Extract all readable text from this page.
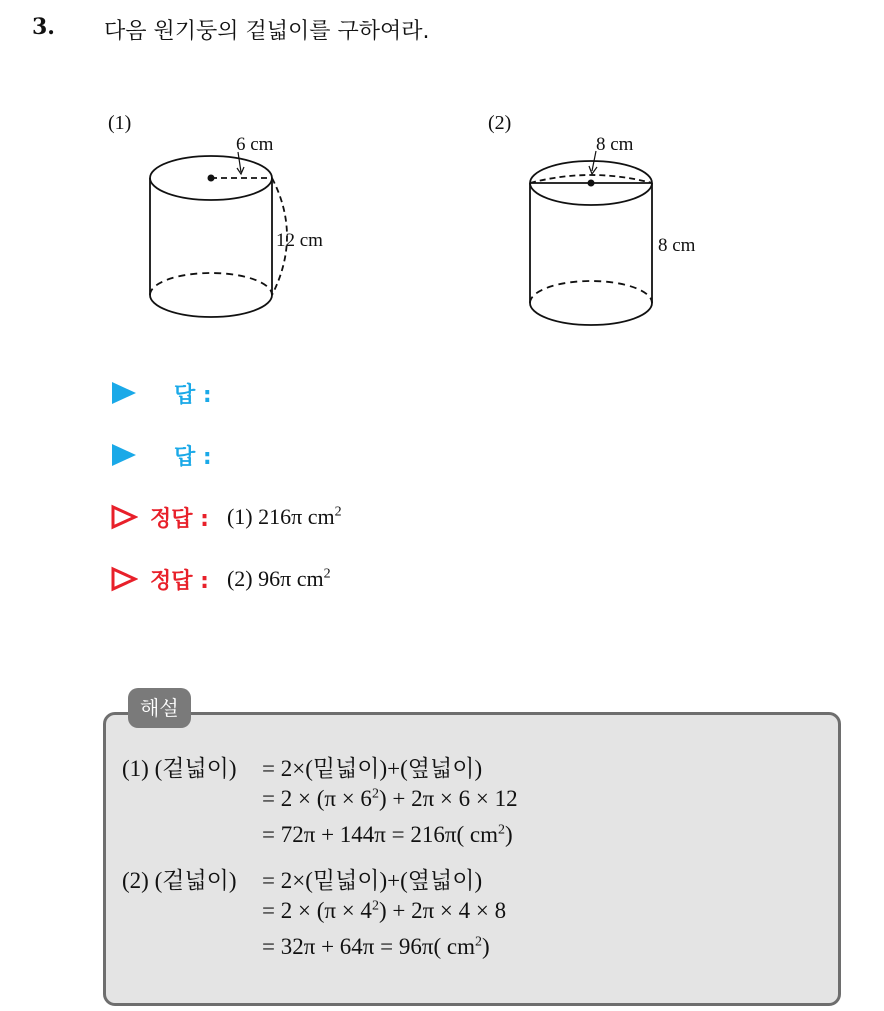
3. 다음 원기둥의 겉넓이를 구하여라.
(1)
6 cm
12 cm
(2)
8 cm
8 cm
답 :
답 :
정답 : (1) 216π $cm^2$
정답 : (2) 96π $cm^2$
해설
(1) (겉넓이) = 2×(밑넓이)+(옆넓이)
= $2 \times (\pi \times 6^2) + 2\pi \times 6 \times 12$
= 72π + 144π = 216π( $cm^2$)
(2) (겉넓이) = 2×(밑넓이)+(옆넓이)
= $2 \times (\pi \times 4^2) + 2\pi \times 4 \times 8$
= 32π + 64π = 96π( $cm^2$)
